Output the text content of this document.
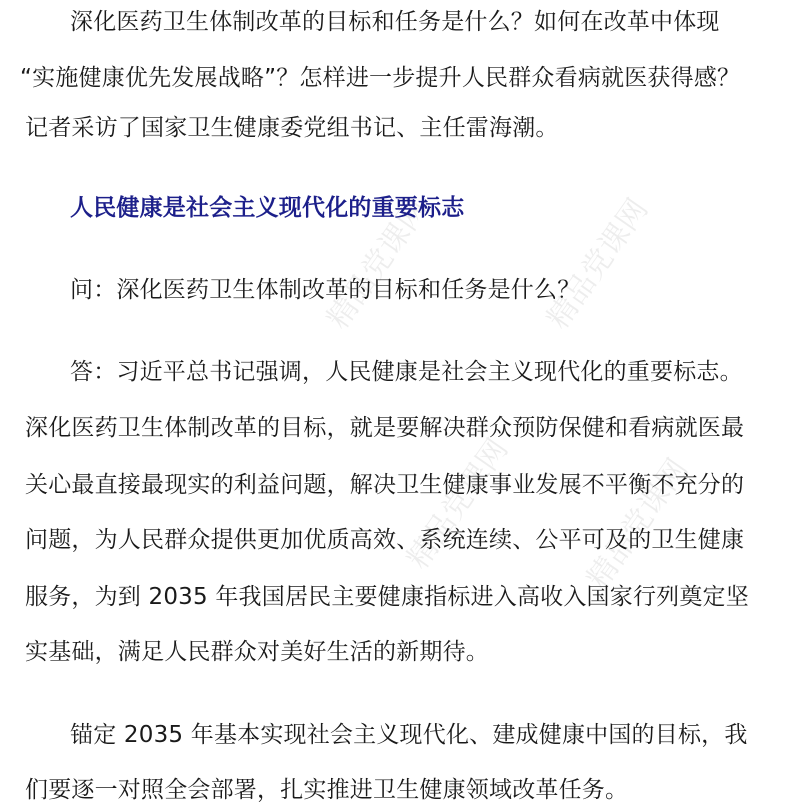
精品党课网	精品党课网
精品党课网 精品党课网
深化医药卫生体制改革的目标和任务是什么？如何在改革中体现
“实施健康优先发展战略”？怎样进一步提升人民群众看病就医获得感？
记者采访了国家卫生健康委党组书记、主任雷海潮。
人民健康是社会主义现代化的重要标志
问：深化医药卫生体制改革的目标和任务是什么？
答：习近平总书记强调，人民健康是社会主义现代化的重要标志。
深化医药卫生体制改革的目标，就是要解决群众预防保健和看病就医最
关心最直接最现实的利益问题，解决卫生健康事业发展不平衡不充分的
问题，为人民群众提供更加优质高效、系统连续、公平可及的卫生健康
服务，为到 2035 年我国居民主要健康指标进入高收入国家行列奠定坚
实基础，满足人民群众对美好生活的新期待。
锚定 2035 年基本实现社会主义现代化、建成健康中国的目标，我
们要逐一对照全会部署，扎实推进卫生健康领域改革任务。
